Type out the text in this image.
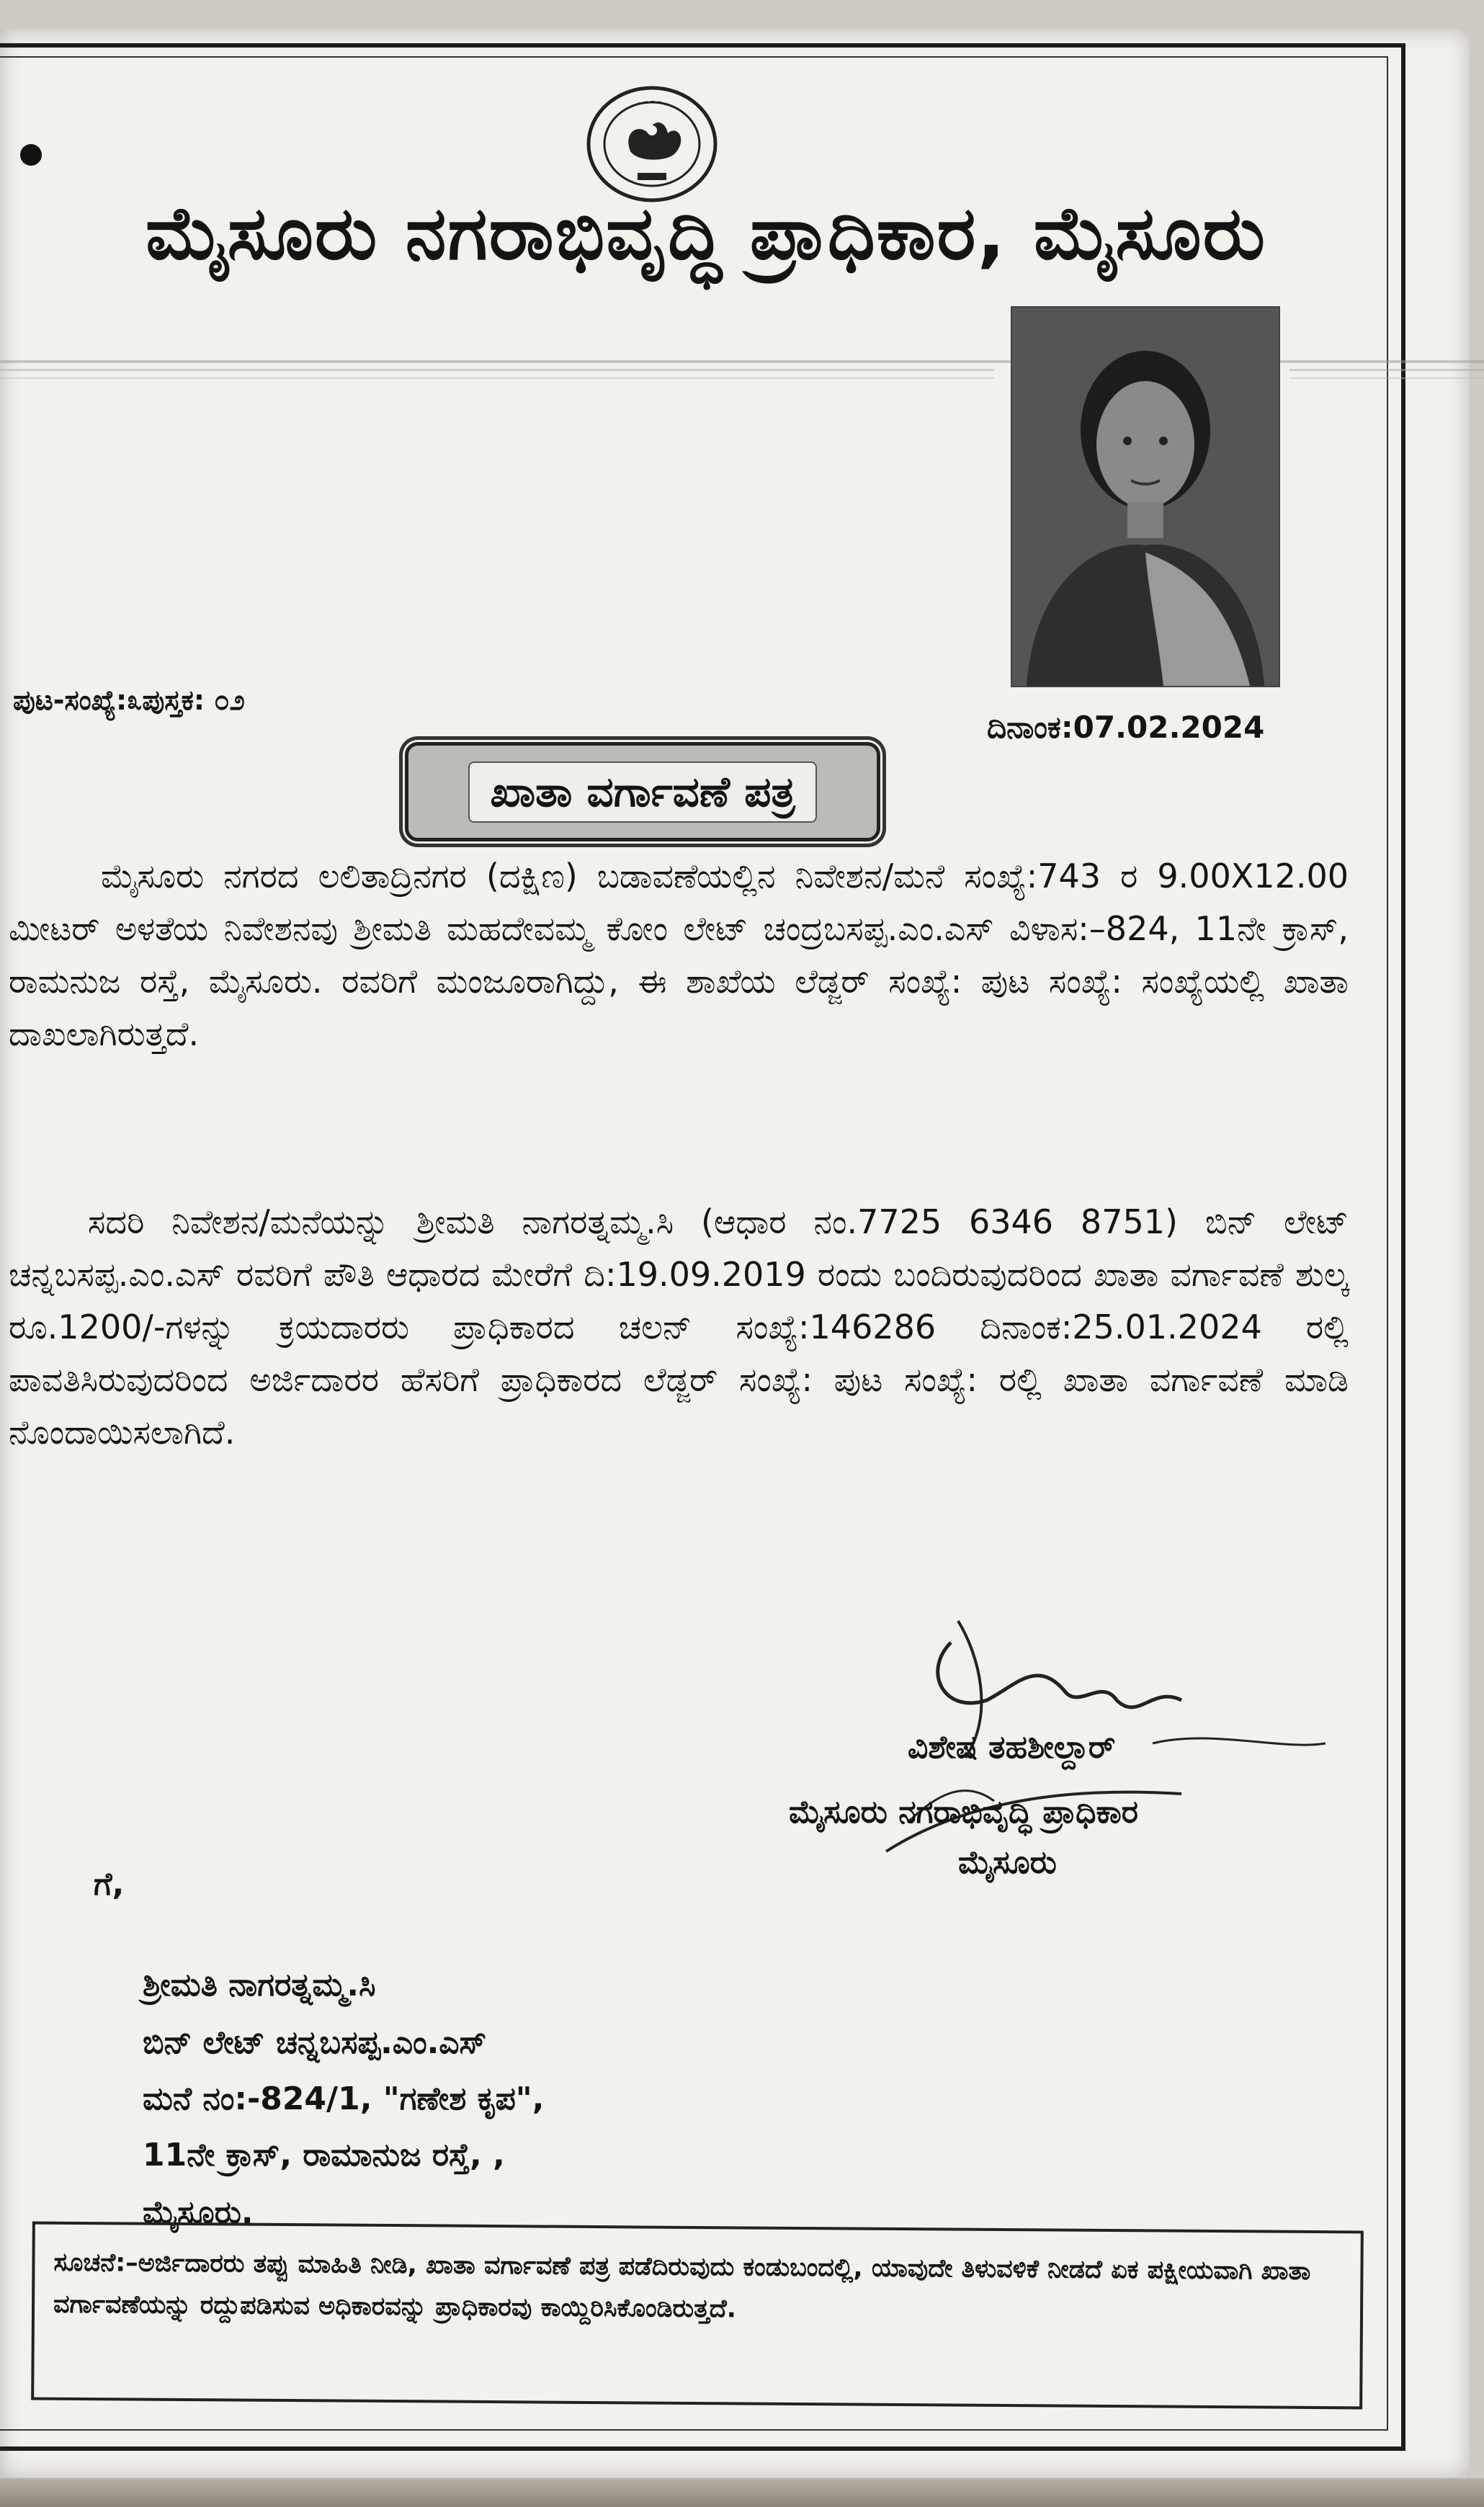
ಮೈಸೂರು ನಗರಾಭಿವೃದ್ಧಿ ಪ್ರಾಧಿಕಾರ, ಮೈಸೂರು
ಪುಟ-ಸಂಖ್ಯೆ:೩ಪುಸ್ತಕ: ೦೨
ದಿನಾಂಕ:07.02.2024
ಖಾತಾ ವರ್ಗಾವಣೆ ಪತ್ರ
ಮೈಸೂರು ನಗರದ ಲಲಿತಾದ್ರಿನಗರ (ದಕ್ಷಿಣ) ಬಡಾವಣೆಯಲ್ಲಿನ ನಿವೇಶನ/ಮನೆ ಸಂಖ್ಯೆ:743 ರ 9.00X12.00 ಮೀಟರ್ ಅಳತೆಯ ನಿವೇಶನವು ಶ್ರೀಮತಿ ಮಹದೇವಮ್ಮ ಕೋಂ ಲೇಟ್ ಚಂದ್ರಬಸಪ್ಪ.ಎಂ.ಎಸ್ ವಿಳಾಸ:–824, 11ನೇ ಕ್ರಾಸ್, ರಾಮನುಜ ರಸ್ತೆ, ಮೈಸೂರು. ರವರಿಗೆ ಮಂಜೂರಾಗಿದ್ದು, ಈ ಶಾಖೆಯ ಲೆಡ್ಜರ್ ಸಂಖ್ಯೆ: ಪುಟ ಸಂಖ್ಯೆ: ಸಂಖ್ಯೆಯಲ್ಲಿ ಖಾತಾ ದಾಖಲಾಗಿರುತ್ತದೆ.
ಸದರಿ ನಿವೇಶನ/ಮನೆಯನ್ನು ಶ್ರೀಮತಿ ನಾಗರತ್ನಮ್ಮ.ಸಿ (ಆಧಾರ ನಂ.7725 6346 8751) ಬಿನ್ ಲೇಟ್ ಚನ್ನಬಸಪ್ಪ.ಎಂ.ಎಸ್ ರವರಿಗೆ ಪೌತಿ ಆಧಾರದ ಮೇರೆಗೆ ದಿ:19.09.2019 ರಂದು ಬಂದಿರುವುದರಿಂದ ಖಾತಾ ವರ್ಗಾವಣೆ ಶುಲ್ಕ ರೂ.1200/-ಗಳನ್ನು ಕ್ರಯದಾರರು ಪ್ರಾಧಿಕಾರದ ಚಲನ್ ಸಂಖ್ಯೆ:146286 ದಿನಾಂಕ:25.01.2024 ರಲ್ಲಿ ಪಾವತಿಸಿರುವುದರಿಂದ ಅರ್ಜಿದಾರರ ಹೆಸರಿಗೆ ಪ್ರಾಧಿಕಾರದ ಲೆಡ್ಜರ್ ಸಂಖ್ಯೆ: ಪುಟ ಸಂಖ್ಯೆ: ರಲ್ಲಿ ಖಾತಾ ವರ್ಗಾವಣೆ ಮಾಡಿ ನೊಂದಾಯಿಸಲಾಗಿದೆ.
ವಿಶೇಷ ತಹಶೀಲ್ದಾರ್
ಮೈಸೂರು ನಗರಾಭಿವೃದ್ಧಿ ಪ್ರಾಧಿಕಾರ
ಮೈಸೂರು
ಗೆ,
ಶ್ರೀಮತಿ ನಾಗರತ್ನಮ್ಮ.ಸಿ
ಬಿನ್ ಲೇಟ್ ಚನ್ನಬಸಪ್ಪ.ಎಂ.ಎಸ್
ಮನೆ ನಂ:-824/1, "ಗಣೇಶ ಕೃಪ",
11ನೇ ಕ್ರಾಸ್, ರಾಮಾನುಜ ರಸ್ತೆ, ,
ಮೈಸೂರು.

ಸೂಚನೆ:–ಅರ್ಜಿದಾರರು ತಪ್ಪು ಮಾಹಿತಿ ನೀಡಿ, ಖಾತಾ ವರ್ಗಾವಣೆ ಪತ್ರ ಪಡೆದಿರುವುದು ಕಂಡುಬಂದಲ್ಲಿ, ಯಾವುದೇ ತಿಳುವಳಿಕೆ ನೀಡದೆ ಏಕ ಪಕ್ಷೀಯವಾಗಿ ಖಾತಾ ವರ್ಗಾವಣೆಯನ್ನು ರದ್ದುಪಡಿಸುವ ಅಧಿಕಾರವನ್ನು ಪ್ರಾಧಿಕಾರವು ಕಾಯ್ದಿರಿಸಿಕೊಂಡಿರುತ್ತದೆ.
